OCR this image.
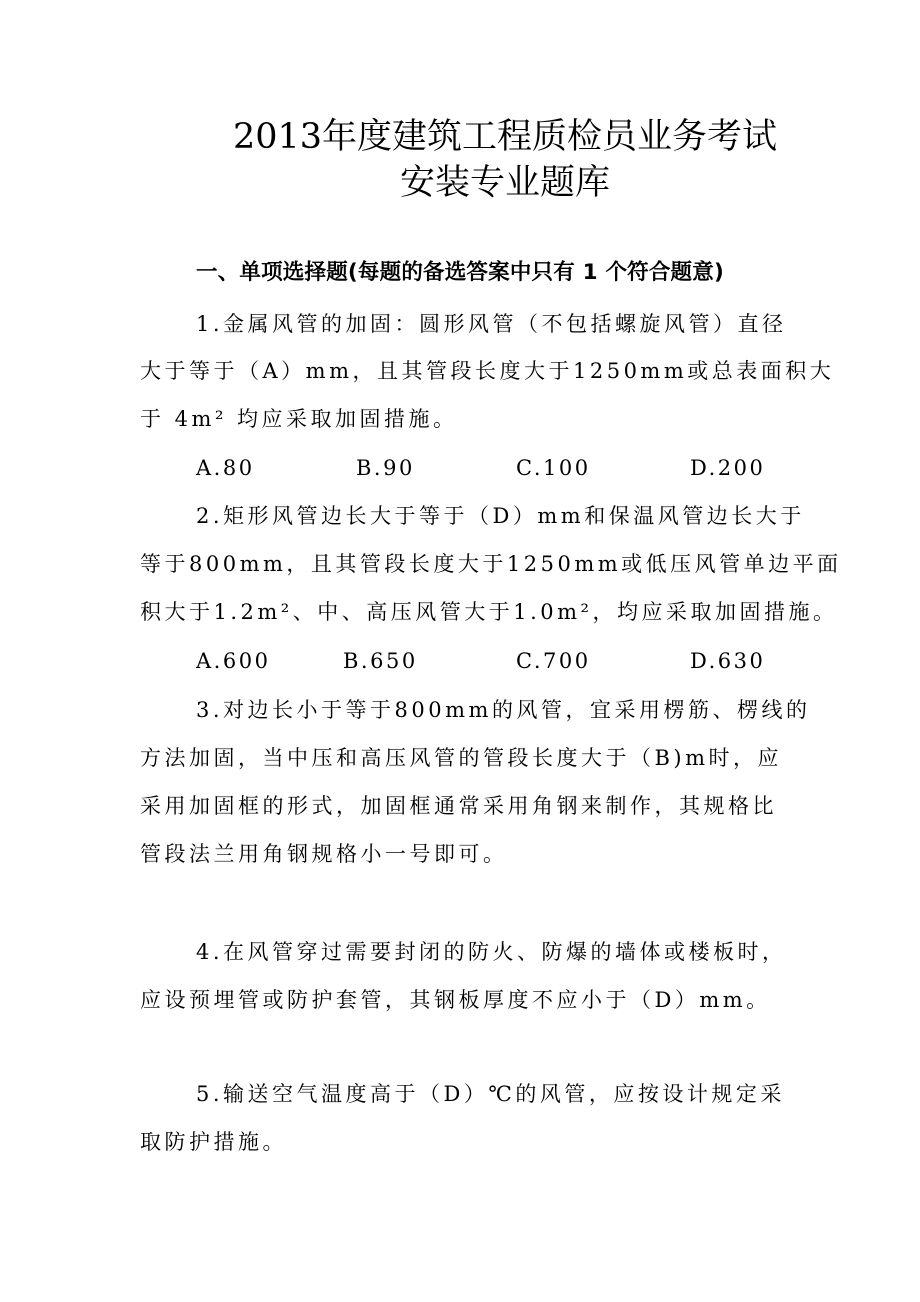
2013年度建筑工程质检员业务考试
安装专业题库
一、单项选择题(每题的备选答案中只有 1 个符合题意)
1.金属风管的加固：圆形风管（不包括螺旋风管）直径
大于等于（A）mm，且其管段长度大于1250mm或总表面积大
于 4m² 均应采取加固措施。
A.80	B.90	C.100	D.200
2.矩形风管边长大于等于（D）mm和保温风管边长大于
等于800mm，且其管段长度大于1250mm或低压风管单边平面
积大于1.2m²、中、高压风管大于1.0m²，均应采取加固措施。
A.600	B.650	C.700	D.630
3.对边长小于等于800mm的风管，宜采用楞筋、楞线的
方法加固，当中压和高压风管的管段长度大于（B)m时，应
采用加固框的形式，加固框通常采用角钢来制作，其规格比
管段法兰用角钢规格小一号即可。
4.在风管穿过需要封闭的防火、防爆的墙体或楼板时，
应设预埋管或防护套管，其钢板厚度不应小于（D）mm。
5.输送空气温度高于（D）℃的风管，应按设计规定采
取防护措施。
